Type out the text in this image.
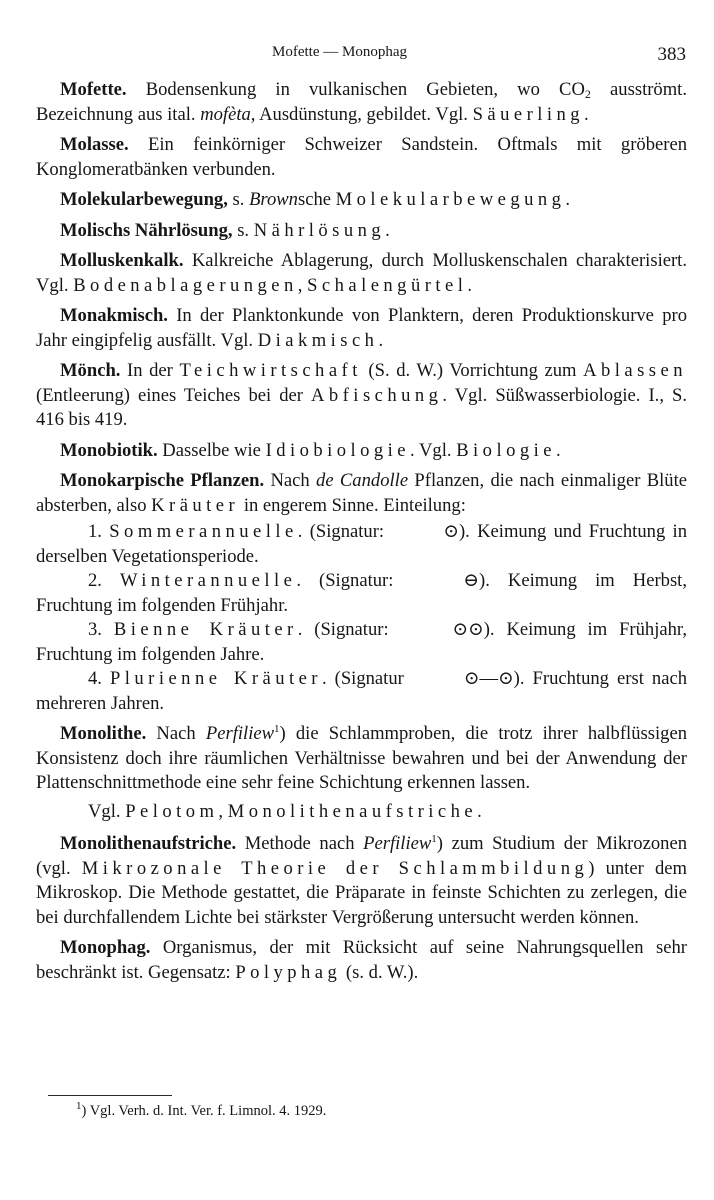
Mofette — Monophag	383

Mofette. Bodensenkung in vulkanischen Gebieten, wo $CO_2$ ausströmt. Bezeichnung aus ital. mofèta, Ausdünstung, gebildet. Vgl. Säuerling.

Molasse. Ein feinkörniger Schweizer Sandstein. Oftmals mit gröberen Konglomeratbänken verbunden.

Molekularbewegung, s. Brownsche Molekularbewegung.

Molischs Nährlösung, s. Nährlösung.

Molluskenkalk. Kalkreiche Ablagerung, durch Molluskenschalen charakterisiert. Vgl. Bodenablagerungen, Schalengürtel.

Monakmisch. In der Planktonkunde von Planktern, deren Produktionskurve pro Jahr eingipfelig ausfällt. Vgl. Diakmisch.

Mönch. In der Teichwirtschaft (S. d. W.) Vorrichtung zum Ablassen (Entleerung) eines Teiches bei der Abfischung. Vgl. Süßwasserbiologie. I., S. 416 bis 419.

Monobiotik. Dasselbe wie Idiobiologie. Vgl. Biologie.

Monokarpische Pflanzen. Nach de Candolle Pflanzen, die nach einmaliger Blüte absterben, also Kräuter in engerem Sinne. Einteilung:

1. Sommerannuelle. (Signatur:	⊙). Keimung und Fruchtung in derselben Vegetationsperiode.

2. Winterannuelle. (Signatur:	⊖). Keimung im Herbst, Fruchtung im folgenden Frühjahr.

3. Bienne Kräuter. (Signatur:	⊙⊙). Keimung im Frühjahr, Fruchtung im folgenden Jahre.

4. Plurienne Kräuter. (Signatur	⊙—⊙). Fruchtung erst nach mehreren Jahren.

Monolithe. Nach Perfiliew$^1$) die Schlammproben, die trotz ihrer halbflüssigen Konsistenz doch ihre räumlichen Verhältnisse bewahren und bei der Anwendung der Plattenschnittmethode eine sehr feine Schichtung erkennen lassen.

Vgl. Pelotom, Monolithenaufstriche.

Monolithenaufstriche. Methode nach Perfiliew$^1$) zum Studium der Mikrozonen (vgl. Mikrozonale Theorie der Schlammbildung) unter dem Mikroskop. Die Methode gestattet, die Präparate in feinste Schichten zu zerlegen, die bei durchfallendem Lichte bei stärkster Vergrößerung untersucht werden können.

Monophag. Organismus, der mit Rücksicht auf seine Nahrungsquellen sehr beschränkt ist. Gegensatz: Polyphag (s. d. W.).

$^1$) Vgl. Verh. d. Int. Ver. f. Limnol. 4. 1929.
